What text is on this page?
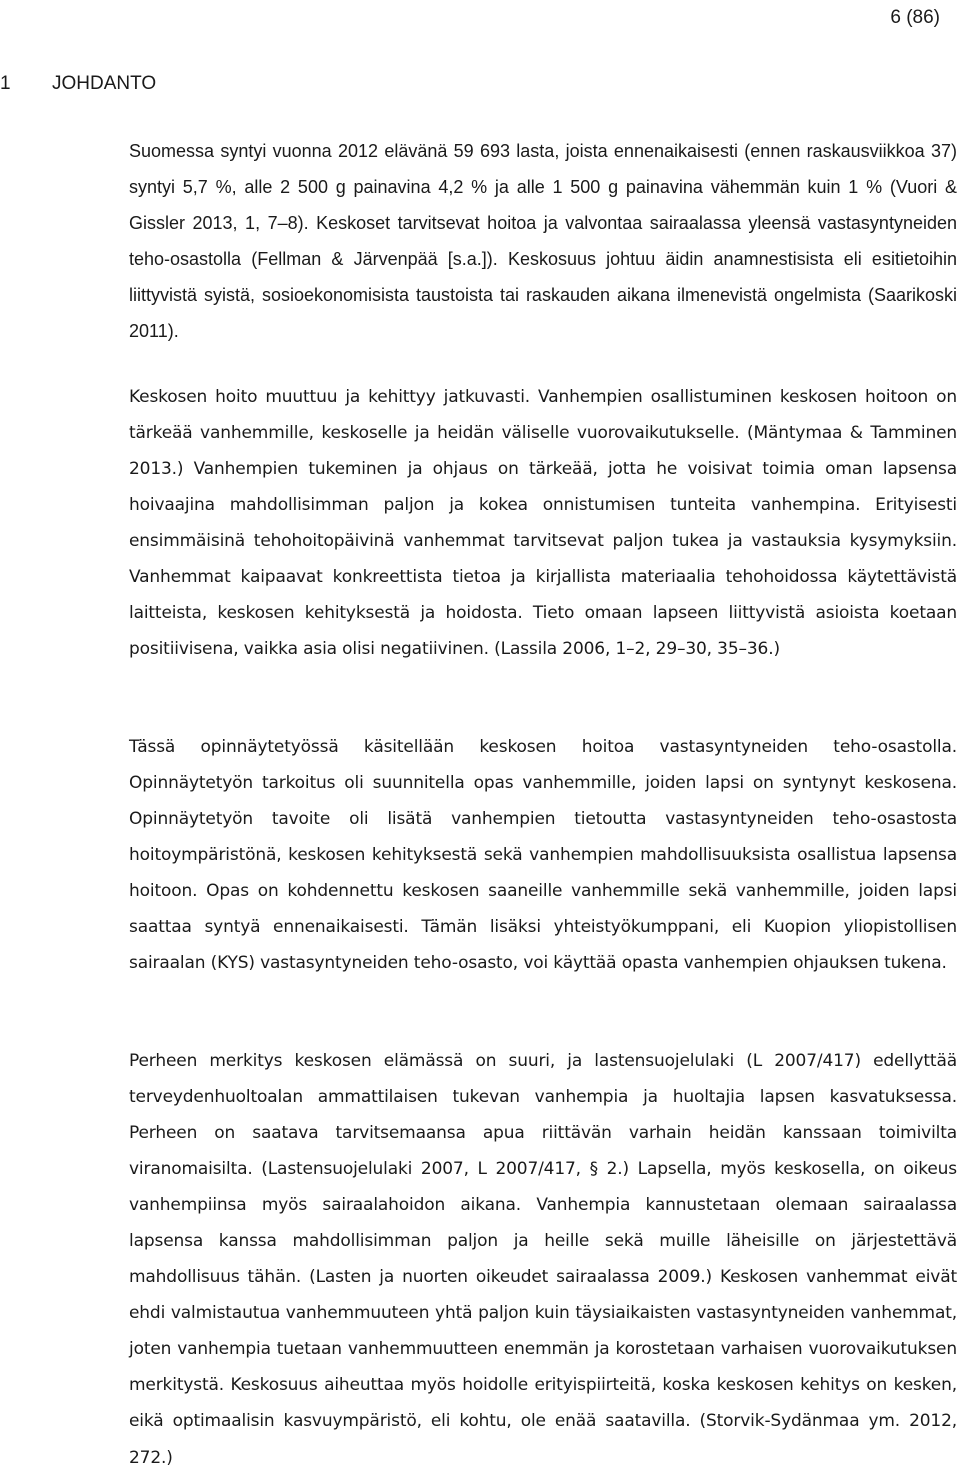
6 (86)
1 JOHDANTO

Suomessa syntyi vuonna 2012 elävänä 59 693 lasta, joista ennenaikaisesti (ennen raskausviikkoa 37) syntyi 5,7 %, alle 2 500 g painavina 4,2 % ja alle 1 500 g painavina vähemmän kuin 1 % (Vuori & Gissler 2013, 1, 7–8). Keskoset tarvitsevat hoitoa ja valvontaa sairaalassa yleensä vastasyntyneiden teho-osastolla (Fellman & Järvenpää [s.a.]). Keskosuus johtuu äidin anamnestisista eli esitietoihin liittyvistä syistä, sosioekonomisista taustoista tai raskauden aikana ilmenevistä ongelmista (Saarikoski 2011).

Keskosen hoito muuttuu ja kehittyy jatkuvasti. Vanhempien osallistuminen keskosen hoitoon on tärkeää vanhemmille, keskoselle ja heidän väliselle vuorovaikutukselle. (Mäntymaa & Tamminen 2013.) Vanhempien tukeminen ja ohjaus on tärkeää, jotta he voisivat toimia oman lapsensa hoivaajina mahdollisimman paljon ja kokea onnistumisen tunteita vanhempina. Erityisesti ensimmäisinä tehohoitopäivinä vanhemmat tarvitsevat paljon tukea ja vastauksia kysymyksiin. Vanhemmat kaipaavat konkreettista tietoa ja kirjallista materiaalia tehohoidossa käytettävistä laitteista, keskosen kehityksestä ja hoidosta. Tieto omaan lapseen liittyvistä asioista koetaan positiivisena, vaikka asia olisi negatiivinen. (Lassila 2006, 1–2, 29–30, 35–36.)

Tässä opinnäytetyössä käsitellään keskosen hoitoa vastasyntyneiden teho-osastolla. Opinnäytetyön tarkoitus oli suunnitella opas vanhemmille, joiden lapsi on syntynyt keskosena. Opinnäytetyön tavoite oli lisätä vanhempien tietoutta vastasyntyneiden teho-osastosta hoitoympäristönä, keskosen kehityksestä sekä vanhempien mahdollisuuksista osallistua lapsensa hoitoon. Opas on kohdennettu keskosen saaneille vanhemmille sekä vanhemmille, joiden lapsi saattaa syntyä ennenaikaisesti. Tämän lisäksi yhteistyökumppani, eli Kuopion yliopistollisen sairaalan (KYS) vastasyntyneiden teho-osasto, voi käyttää opasta vanhempien ohjauksen tukena.

Perheen merkitys keskosen elämässä on suuri, ja lastensuojelulaki (L 2007/417) edellyttää terveydenhuoltoalan ammattilaisen tukevan vanhempia ja huoltajia lapsen kasvatuksessa. Perheen on saatava tarvitsemaansa apua riittävän varhain heidän kanssaan toimivilta viranomaisilta. (Lastensuojelulaki 2007, L 2007/417, § 2.) Lapsella, myös keskosella, on oikeus vanhempiinsa myös sairaalahoidon aikana. Vanhempia kannustetaan olemaan sairaalassa lapsensa kanssa mahdollisimman paljon ja heille sekä muille läheisille on järjestettävä mahdollisuus tähän. (Lasten ja nuorten oikeudet sairaalassa 2009.) Keskosen vanhemmat eivät ehdi valmistautua vanhemmuuteen yhtä paljon kuin täysiaikaisten vastasyntyneiden vanhemmat, joten vanhempia tuetaan vanhemmuutteen enemmän ja korostetaan varhaisen vuorovaikutuksen merkitystä. Keskosuus aiheuttaa myös hoidolle erityispiirteitä, koska keskosen kehitys on kesken, eikä optimaalisin kasvuympäristö, eli kohtu, ole enää saatavilla. (Storvik-Sydänmaa ym. 2012, 272.)
